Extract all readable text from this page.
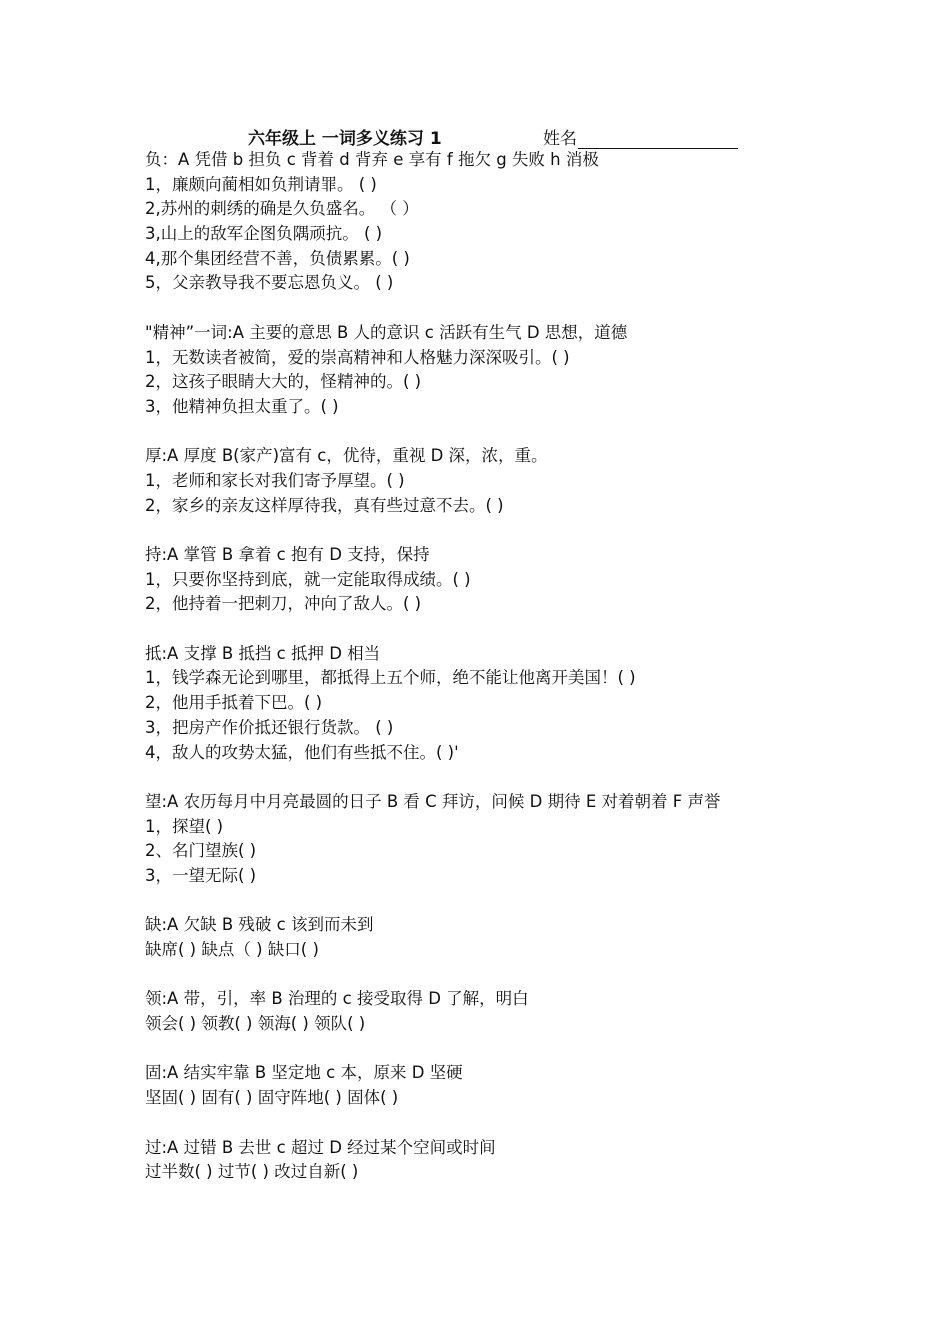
六年级上 一词多义练习 1	姓名
负：A 凭借 b 担负 c 背着 d 背弃 e 享有 f 拖欠 g 失败 h 消极
1，廉颇向蔺相如负荆请罪。 ( )
2,苏州的刺绣的确是久负盛名。 （ ）
3,山上的敌军企图负隅顽抗。 ( )
4,那个集团经营不善，负债累累。( )
5，父亲教导我不要忘恩负义。 ( )
"精神”一词:A 主要的意思 B 人的意识 c 活跃有生气 D 思想，道德
1，无数读者被简，爱的崇高精神和人格魅力深深吸引。( )
2，这孩子眼睛大大的，怪精神的。( )
3，他精神负担太重了。( )
厚:A 厚度 B(家产)富有 c，优待，重视 D 深，浓，重。
1，老师和家长对我们寄予厚望。( )
2，家乡的亲友这样厚待我，真有些过意不去。( )
持:A 掌管 B 拿着 c 抱有 D 支持，保持
1，只要你坚持到底，就一定能取得成绩。( )
2，他持着一把刺刀，冲向了敌人。( )
抵:A 支撑 B 抵挡 c 抵押 D 相当
1，钱学森无论到哪里，都抵得上五个师，绝不能让他离开美国！( )
2，他用手抵着下巴。( )
3，把房产作价抵还银行货款。 ( )
4，敌人的攻势太猛，他们有些抵不住。( )'
望:A 农历每月中月亮最圆的日子 B 看 C 拜访，问候 D 期待 E 对着朝着 F 声誉
1，探望( )
2、名门望族( )
3，一望无际( )
缺:A 欠缺 B 残破 c 该到而未到
缺席( ) 缺点（ ) 缺口( )
领:A 带，引，率 B 治理的 c 接受取得 D 了解，明白
领会( ) 领教( ) 领海( ) 领队( )
固:A 结实牢靠 B 坚定地 c 本，原来 D 坚硬
坚固( ) 固有( ) 固守阵地( ) 固体( )
过:A 过错 B 去世 c 超过 D 经过某个空间或时间
过半数( ) 过节( ) 改过自新( )
